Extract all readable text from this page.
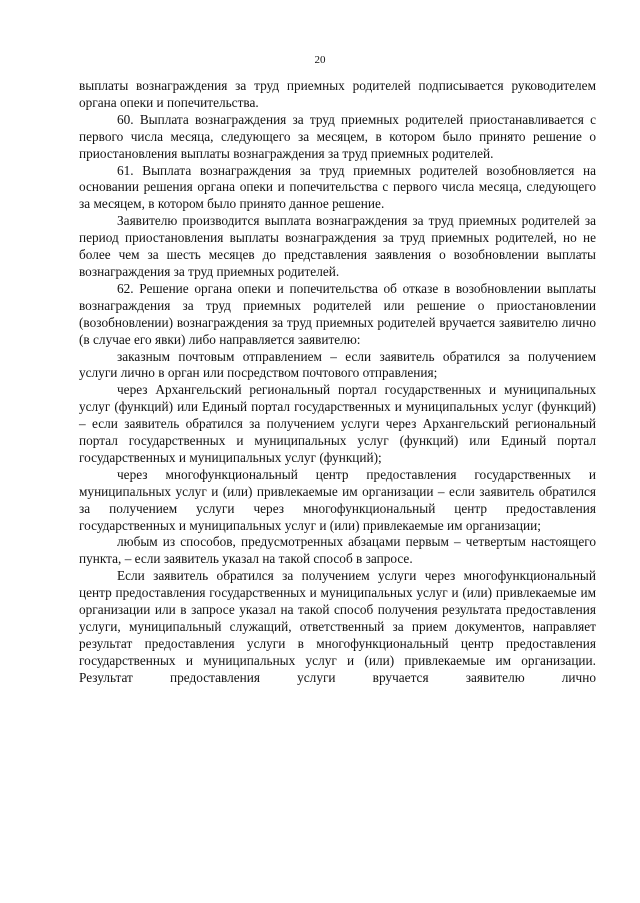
20

выплаты вознаграждения за труд приемных родителей подписывается руководителем органа опеки и попечительства.

60. Выплата вознаграждения за труд приемных родителей приостанавливается с первого числа месяца, следующего за месяцем, в котором было принято решение о приостановления выплаты вознаграждения за труд приемных родителей.

61. Выплата вознаграждения за труд приемных родителей возобновляется на основании решения органа опеки и попечительства с первого числа месяца, следующего за месяцем, в котором было принято данное решение.

Заявителю производится выплата вознаграждения за труд приемных родителей за период приостановления выплаты вознаграждения за труд приемных родителей, но не более чем за шесть месяцев до представления заявления о возобновлении выплаты вознаграждения за труд приемных родителей.

62. Решение органа опеки и попечительства об отказе в возобновлении выплаты вознаграждения за труд приемных родителей или решение о приостановлении (возобновлении) вознаграждения за труд приемных родителей вручается заявителю лично (в случае его явки) либо направляется заявителю:

заказным почтовым отправлением – если заявитель обратился за получением услуги лично в орган или посредством почтового отправления;

через Архангельский региональный портал государственных и муниципальных услуг (функций) или Единый портал государственных и муниципальных услуг (функций) – если заявитель обратился за получением услуги через Архангельский региональный портал государственных и муниципальных услуг (функций) или Единый портал государственных и муниципальных услуг (функций);

через многофункциональный центр предоставления государственных и муниципальных услуг и (или) привлекаемые им организации – если заявитель обратился за получением услуги через многофункциональный центр предоставления государственных и муниципальных услуг и (или) привлекаемые им организации;

любым из способов, предусмотренных абзацами первым – четвертым настоящего пункта, – если заявитель указал на такой способ в запросе.

Если заявитель обратился за получением услуги через многофункциональный центр предоставления государственных и муниципальных услуг и (или) привлекаемые им организации или в запросе указал на такой способ получения результата предоставления услуги, муниципальный служащий, ответственный за прием документов, направляет результат предоставления услуги в многофункциональный центр предоставления государственных и муниципальных услуг и (или) привлекаемые им организации. Результат предоставления услуги вручается заявителю лично
